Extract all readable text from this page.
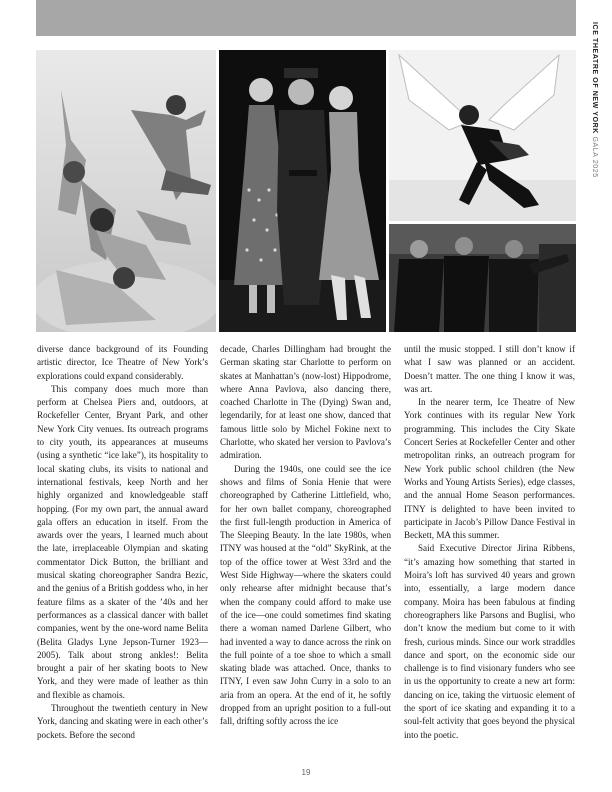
ICE THEATRE OF NEW YORK GALA 2025

diverse dance background of its Founding artistic director, Ice Theatre of New York’s explorations could expand considerably.

This company does much more than perform at Chelsea Piers and, outdoors, at Rockefeller Center, Bryant Park, and other New York City venues. Its outreach programs to city youth, its appearances at museums (using a synthetic “ice lake”), its hospitality to local skating clubs, its visits to national and international festivals, keep North and her highly organized and knowledgeable staff hopping. (For my own part, the annual award gala offers an education in itself. From the awards over the years, I learned much about the late, irreplaceable Olympian and skating commentator Dick Button, the brilliant and musical skating choreographer Sandra Bezic, and the genius of a British goddess who, in her feature films as a skater of the ’40s and her performances as a classical dancer with ballet companies, went by the one-word name Belita (Belita Gladys Lyne Jepson-Turner 1923—2005). Talk about strong ankles!: Belita brought a pair of her skating boots to New York, and they were made of leather as thin and flexible as chamois.

Throughout the twentieth century in New York, dancing and skating were in each other’s pockets. Before the second

decade, Charles Dillingham had brought the German skating star Charlotte to perform on skates at Manhattan’s (now-lost) Hippodrome, where Anna Pavlova, also dancing there, coached Charlotte in The (Dying) Swan and, legendarily, for at least one show, danced that famous little solo by Michel Fokine next to Charlotte, who skated her version to Pavlova’s admiration.

During the 1940s, one could see the ice shows and films of Sonia Henie that were choreographed by Catherine Littlefield, who, for her own ballet company, choreographed the first full-length production in America of The Sleeping Beauty. In the late 1980s, when ITNY was housed at the “old” SkyRink, at the top of the office tower at West 33rd and the West Side Highway—where the skaters could only rehearse after midnight because that’s when the company could afford to make use of the ice—one could sometimes find skating there a woman named Darlene Gilbert, who had invented a way to dance across the rink on the full pointe of a toe shoe to which a small skating blade was attached. Once, thanks to ITNY, I even saw John Curry in a solo to an aria from an opera. At the end of it, he softly dropped from an upright position to a full-out fall, drifting softly across the ice

until the music stopped. I still don’t know if what I saw was planned or an accident. Doesn’t matter. The one thing I know it was, was art.

In the nearer term, Ice Theatre of New York continues with its regular New York programming. This includes the City Skate Concert Series at Rockefeller Center and other metropolitan rinks, an outreach program for New York public school children (the New Works and Young Artists Series), edge classes, and the annual Home Season performances. ITNY is delighted to have been invited to participate in Jacob’s Pillow Dance Festival in Beckett, MA this summer.

Said Executive Director Jirina Ribbens, “it’s amazing how something that started in Moira’s loft has survived 40 years and grown into, essentially, a large modern dance company. Moira has been fabulous at finding choreographers like Parsons and Buglisi, who don’t know the medium but come to it with fresh, curious minds. Since our work straddles dance and sport, on the economic side our challenge is to find visionary funders who see in us the opportunity to create a new art form: dancing on ice, taking the virtuosic element of the sport of ice skating and expanding it to a soul-felt activity that goes beyond the physical into the poetic.

19
